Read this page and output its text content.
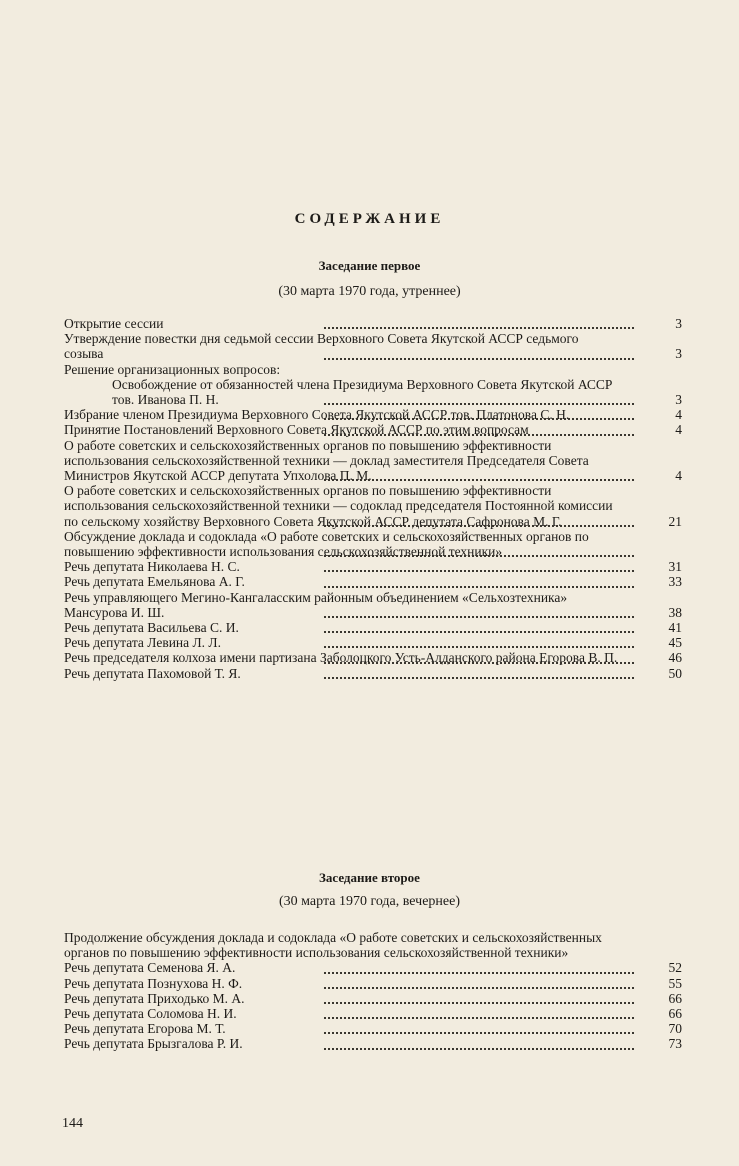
СОДЕРЖАНИЕ
Заседание первое
(30 марта 1970 года, утреннее)
Открытие сессии	3
Утверждение повестки дня седьмой сессии Верховного Совета Якутской АССР седьмого созыва	3
Решение организационных вопросов:
Освобождение от обязанностей члена Президиума Верховного Совета Якутской АССР тов. Иванова П. Н.	3
Избрание членом Президиума Верховного Совета Якутской АССР тов. Платонова С. Н.	4
Принятие Постановлений Верховного Совета Якутской АССР по этим вопросам	4
О работе советских и сельскохозяйственных органов по повышению эффективности использования сельскохозяйственной техники — доклад заместителя Председателя Совета Министров Якутской АССР депутата Упхолова П. М.	4
О работе советских и сельскохозяйственных органов по повышению эффективности использования сельскохозяйственной техники — содоклад председателя Постоянной комиссии по сельскому хозяйству Верховного Совета Якутской АССР депутата Сафронова М. Г.	21
Обсуждение доклада и содоклада «О работе советских и сельскохозяйственных органов по повышению эффективности использования сельскохозяйственной техники»
Речь депутата Николаева Н. С.	31
Речь депутата Емельянова А. Г.	33
Речь управляющего Мегино-Кангаласским районным объединением «Сельхозтехника» Мансурова И. Ш.	38
Речь депутата Васильева С. И.	41
Речь депутата Левина Л. Л.	45
Речь председателя колхоза имени партизана Заболоцкого Усть-Алданского района Егорова В. П.	46
Речь депутата Пахомовой Т. Я.	50
Заседание второе
(30 марта 1970 года, вечернее)
Продолжение обсуждения доклада и содоклада «О работе советских и сельскохозяйственных органов по повышению эффективности использования сельскохозяйственной техники»
Речь депутата Семенова Я. А.	52
Речь депутата Познухова Н. Ф.	55
Речь депутата Приходько М. А.	66
Речь депутата Соломова Н. И.	66
Речь депутата Егорова М. Т.	70
Речь депутата Брызгалова Р. И.	73
144
